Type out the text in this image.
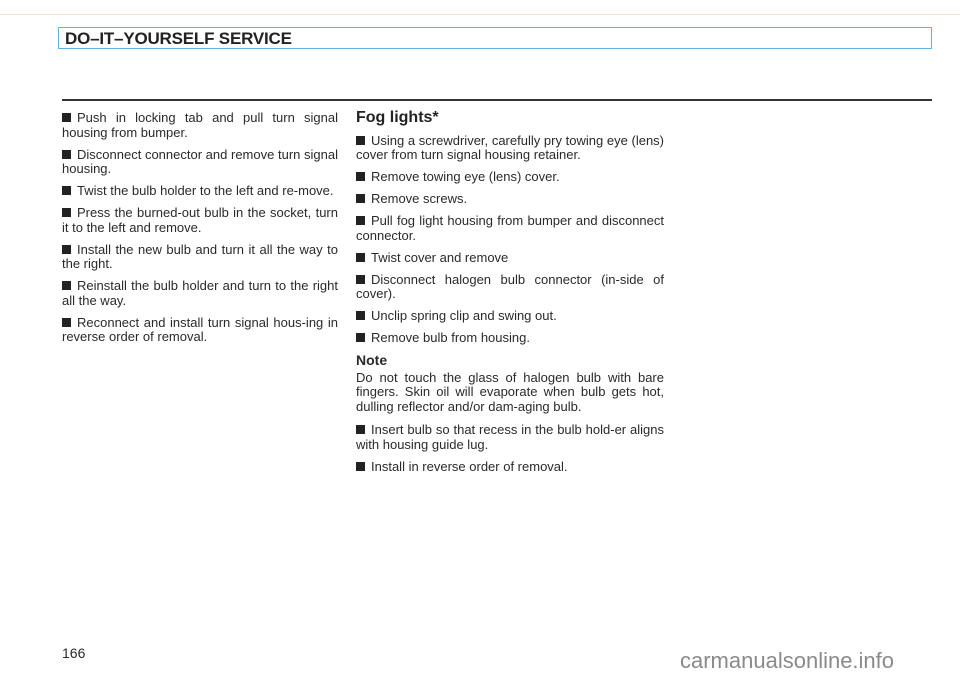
DO–IT–YOURSELF SERVICE
Push in locking tab and pull turn signal housing from bumper.
Disconnect connector and remove turn signal housing.
Twist the bulb holder to the left and re-move.
Press the burned-out bulb in the socket, turn it to the left and remove.
Install the new bulb and turn it all the way to the right.
Reinstall the bulb holder and turn to the right all the way.
Reconnect and install turn signal hous-ing in reverse order of removal.
Fog lights*
Using a screwdriver, carefully pry towing eye (lens) cover from turn signal housing retainer.
Remove towing eye (lens) cover.
Remove screws.
Pull fog light housing from bumper and disconnect connector.
Twist cover and remove
Disconnect halogen bulb connector (in-side of cover).
Unclip spring clip and swing out.
Remove bulb from housing.
Note
Do not touch the glass of halogen bulb with bare fingers. Skin oil will evaporate when bulb gets hot, dulling reflector and/or dam-aging bulb.
Insert bulb so that recess in the bulb hold-er aligns with housing guide lug.
Install in reverse order of removal.
166	carmanualsonline.info
